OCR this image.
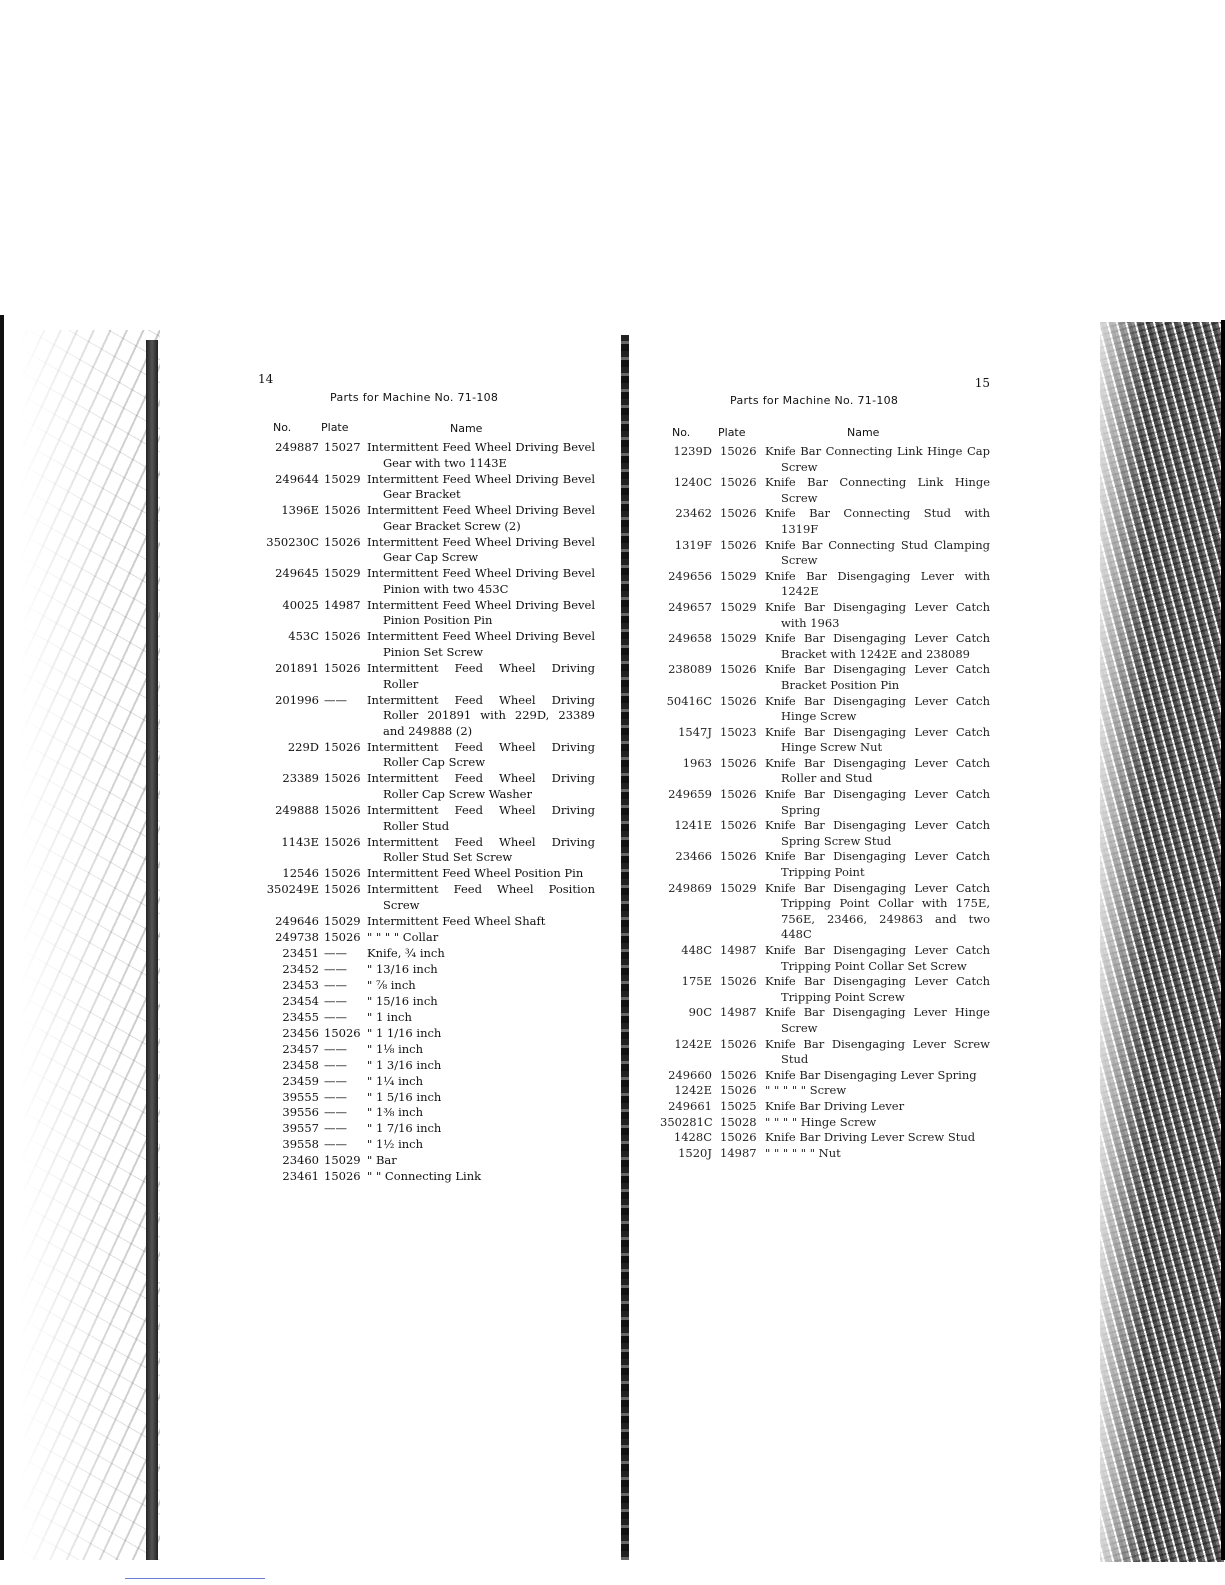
14
Parts for Machine No. 71-108
No.	Plate	Name
249887 15027 Intermittent Feed Wheel Driving Bevel Gear with two 1143E
249644 15029 Intermittent Feed Wheel Driving Bevel Gear Bracket
1396E 15026 Intermittent Feed Wheel Driving Bevel Gear Bracket Screw (2)
350230C 15026 Intermittent Feed Wheel Driving Bevel Gear Cap Screw
249645 15029 Intermittent Feed Wheel Driving Bevel Pinion with two 453C
40025 14987 Intermittent Feed Wheel Driving Bevel Pinion Position Pin
453C 15026 Intermittent Feed Wheel Driving Bevel Pinion Set Screw
201891 15026 Intermittent Feed Wheel Driving Roller
201996 ——	Intermittent Feed Wheel Driving Roller 201891 with 229D, 23389 and 249888 (2)
229D 15026 Intermittent Feed Wheel Driving Roller Cap Screw
23389 15026 Intermittent Feed Wheel Driving Roller Cap Screw Washer
249888 15026 Intermittent Feed Wheel Driving Roller Stud
1143E 15026 Intermittent Feed Wheel Driving Roller Stud Set Screw
12546 15026 Intermittent Feed Wheel Position Pin
350249E 15026 Intermittent Feed Wheel Position Screw
249646 15029 Intermittent Feed Wheel Shaft
249738 15026 " " " " Collar
23451 ——	Knife, ¾ inch
23452 ——	" 13/16 inch
23453 ——	" ⅞ inch
23454 ——	" 15/16 inch
23455 ——	" 1 inch
23456 15026 " 1 1/16 inch
23457 ——	" 1⅛ inch
23458 ——	" 1 3/16 inch
23459 ——	" 1¼ inch
39555 ——	" 1 5/16 inch
39556 ——	" 1⅜ inch
39557 ——	" 1 7/16 inch
39558 ——	" 1½ inch
23460 15029 " Bar
23461 15026 " " Connecting Link
15
Parts for Machine No. 71-108
No.	Plate	Name
1239D 15026 Knife Bar Connecting Link Hinge Cap Screw
1240C 15026 Knife Bar Connecting Link Hinge Screw
23462 15026 Knife Bar Connecting Stud with 1319F
1319F 15026 Knife Bar Connecting Stud Clamping Screw
249656 15029 Knife Bar Disengaging Lever with 1242E
249657 15029 Knife Bar Disengaging Lever Catch with 1963
249658 15029 Knife Bar Disengaging Lever Catch Bracket with 1242E and 238089
238089 15026 Knife Bar Disengaging Lever Catch Bracket Position Pin
50416C 15026 Knife Bar Disengaging Lever Catch Hinge Screw
1547J 15023 Knife Bar Disengaging Lever Catch Hinge Screw Nut
1963 15026 Knife Bar Disengaging Lever Catch Roller and Stud
249659 15026 Knife Bar Disengaging Lever Catch Spring
1241E 15026 Knife Bar Disengaging Lever Catch Spring Screw Stud
23466 15026 Knife Bar Disengaging Lever Catch Tripping Point
249869 15029 Knife Bar Disengaging Lever Catch Tripping Point Collar with 175E, 756E, 23466, 249863 and two 448C
448C 14987 Knife Bar Disengaging Lever Catch Tripping Point Collar Set Screw
175E 15026 Knife Bar Disengaging Lever Catch Tripping Point Screw
90C 14987 Knife Bar Disengaging Lever Hinge Screw
1242E 15026 Knife Bar Disengaging Lever Screw Stud
249660 15026 Knife Bar Disengaging Lever Spring
1242E 15026 " " " " " Screw
249661 15025 Knife Bar Driving Lever
350281C 15028 " " " " Hinge Screw
1428C 15026 Knife Bar Driving Lever Screw Stud
1520J 14987 " " " " " " Nut
